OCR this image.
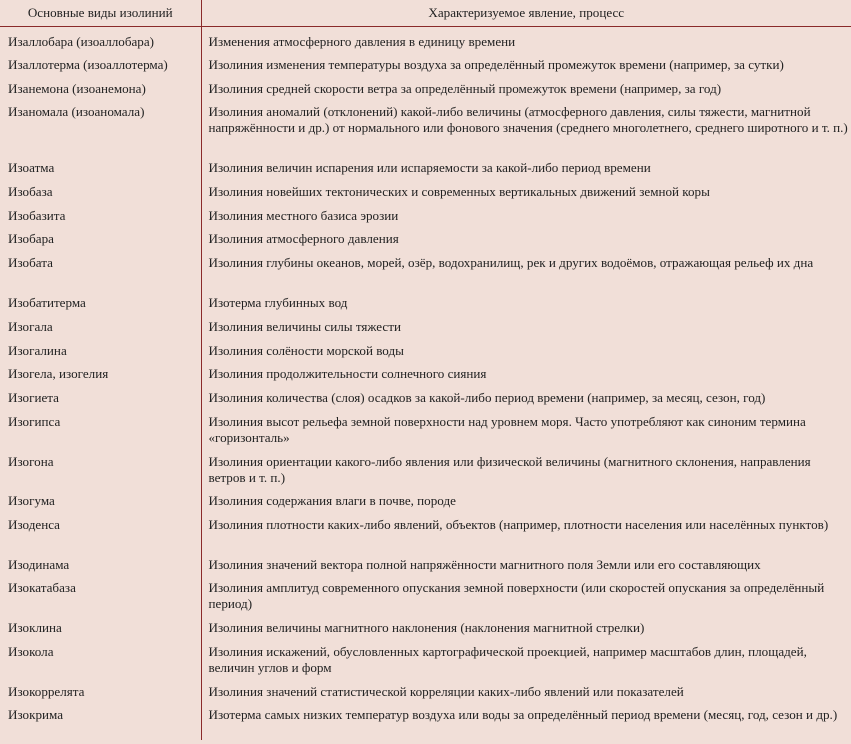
Основные виды изолиний	Характеризуемое явление, процесс
Изаллобара (изоаллобара)	Изменения атмосферного давления в единицу времени
Изаллотерма (изоаллотерма)	Изолиния изменения температуры воздуха за определённый промежуток времени (например, за сутки)
Изанемона (изоанемона)	Изолиния средней скорости ветра за определённый промежуток времени (например, за год)
Изаномала (изоаномала)	Изолиния аномалий (отклонений) какой-либо величины (атмосферного давления, силы тяжести, магнитной напряжённости и др.) от нормального или фонового значения (среднего многолетнего, среднего широтного и т. п.)
Изоатма	Изолиния величин испарения или испаряемости за какой-либо период времени
Изобаза	Изолиния новейших тектонических и современных вертикальных движений земной коры
Изобазита	Изолиния местного базиса эрозии
Изобара	Изолиния атмосферного давления
Изобата	Изолиния глубины океанов, морей, озёр, водохранилищ, рек и других водоёмов, отражающая рельеф их дна
Изобатитерма	Изотерма глубинных вод
Изогала	Изолиния величины силы тяжести
Изогалина	Изолиния солёности морской воды
Изогела, изогелия	Изолиния продолжительности солнечного сияния
Изогиета	Изолиния количества (слоя) осадков за какой-либо период времени (например, за месяц, сезон, год)
Изогипса	Изолиния высот рельефа земной поверхности над уровнем моря. Часто употребляют как синоним термина «горизонталь»
Изогона	Изолиния ориентации какого-либо явления или физической величины (магнитного склонения, направления ветров и т. п.)
Изогума	Изолиния содержания влаги в почве, породе
Изоденса	Изолиния плотности каких-либо явлений, объектов (например, плотности населения или населённых пунктов)
Изодинама	Изолиния значений вектора полной напряжённости магнитного поля Земли или его составляющих
Изокатабаза	Изолиния амплитуд современного опускания земной поверхности (или скоростей опускания за определённый период)
Изоклина	Изолиния величины магнитного наклонения (наклонения магнитной стрелки)
Изокола	Изолиния искажений, обусловленных картографической проекцией, например масштабов длин, площадей, величин углов и форм
Изокоррелята	Изолиния значений статистической корреляции каких-либо явлений или показателей
Изокрима	Изотерма самых низких температур воздуха или воды за определённый период времени (месяц, год, сезон и др.)
